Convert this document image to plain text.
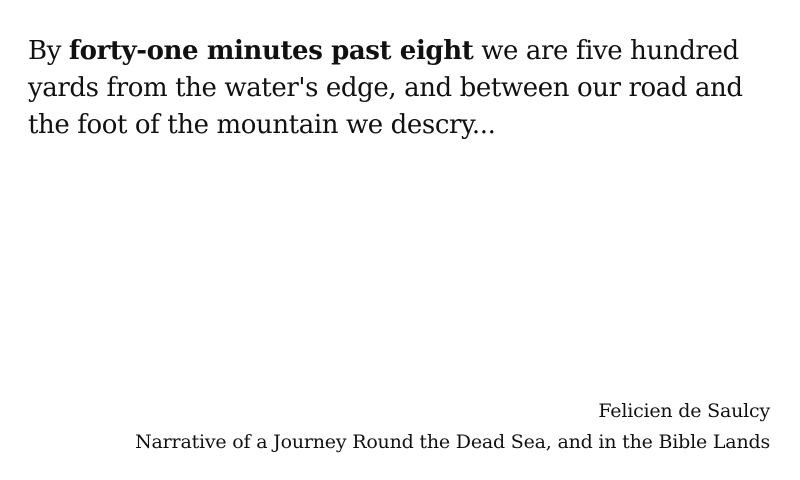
By forty-one minutes past eight we are five hundred yards from the water's edge, and between our road and  the foot of the mountain we descry...

Felicien de Saulcy
Narrative of a Journey Round the Dead Sea, and in the Bible Lands
